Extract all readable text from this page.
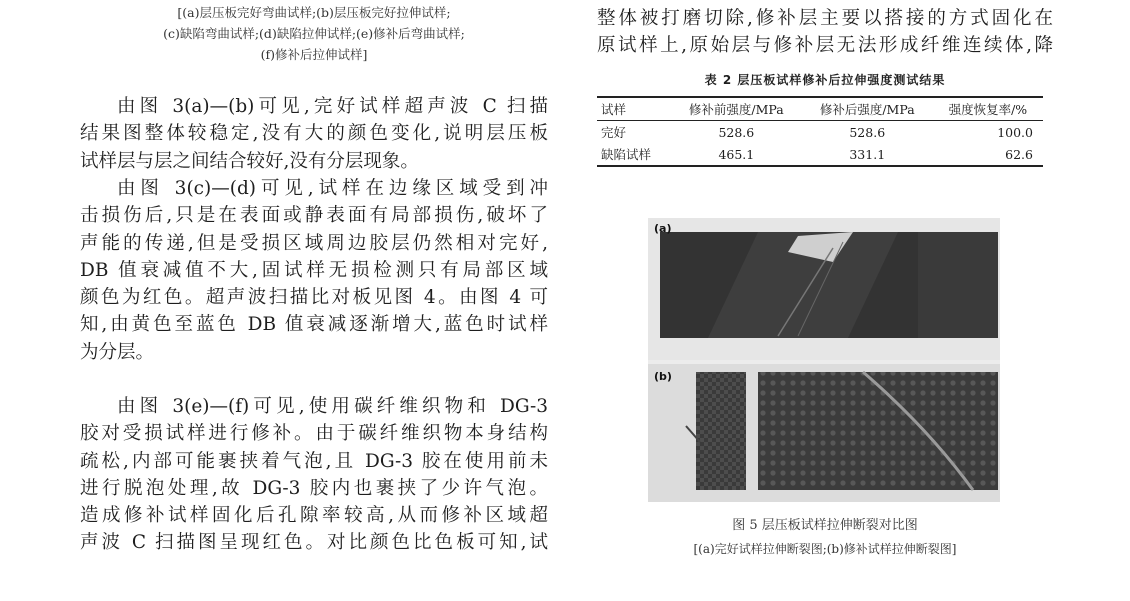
[(a)层压板完好弯曲试样;(b)层压板完好拉伸试样;

(c)缺陷弯曲试样;(d)缺陷拉伸试样;(e)修补后弯曲试样;

(f)修补后拉伸试样]

由图 3(a)—(b)可见,完好试样超声波 C 扫描
结果图整体较稳定,没有大的颜色变化,说明层压板
试样层与层之间结合较好,没有分层现象。
由图 3(c)—(d)可见,试样在边缘区域受到冲
击损伤后,只是在表面或静表面有局部损伤,破坏了
声能的传递,但是受损区域周边胶层仍然相对完好,
DB 值衰减值不大,固试样无损检测只有局部区域
颜色为红色。超声波扫描比对板见图 4。由图 4 可
知,由黄色至蓝色 DB 值衰减逐渐增大,蓝色时试样
为分层。
由图 3(e)—(f)可见,使用碳纤维织物和 DG-3
胶对受损试样进行修补。由于碳纤维织物本身结构
疏松,内部可能裹挟着气泡,且 DG-3 胶在使用前未
进行脱泡处理,故 DG-3 胶内也裹挟了少许气泡。
造成修补试样固化后孔隙率较高,从而修补区域超
声波 C 扫描图呈现红色。对比颜色比色板可知,试
整体被打磨切除,修补层主要以搭接的方式固化在
原试样上,原始层与修补层无法形成纤维连续体,降

表 2 层压板试样修补后拉伸强度测试结果

试样	修补前强度/MPa	修补后强度/MPa	强度恢复率/%
完好	528.6	528.6	100.0
缺陷试样	465.1	331.1	62.6
(a)
(b)
图 5 层压板试样拉伸断裂对比图
[(a)完好试样拉伸断裂图;(b)修补试样拉伸断裂图]
